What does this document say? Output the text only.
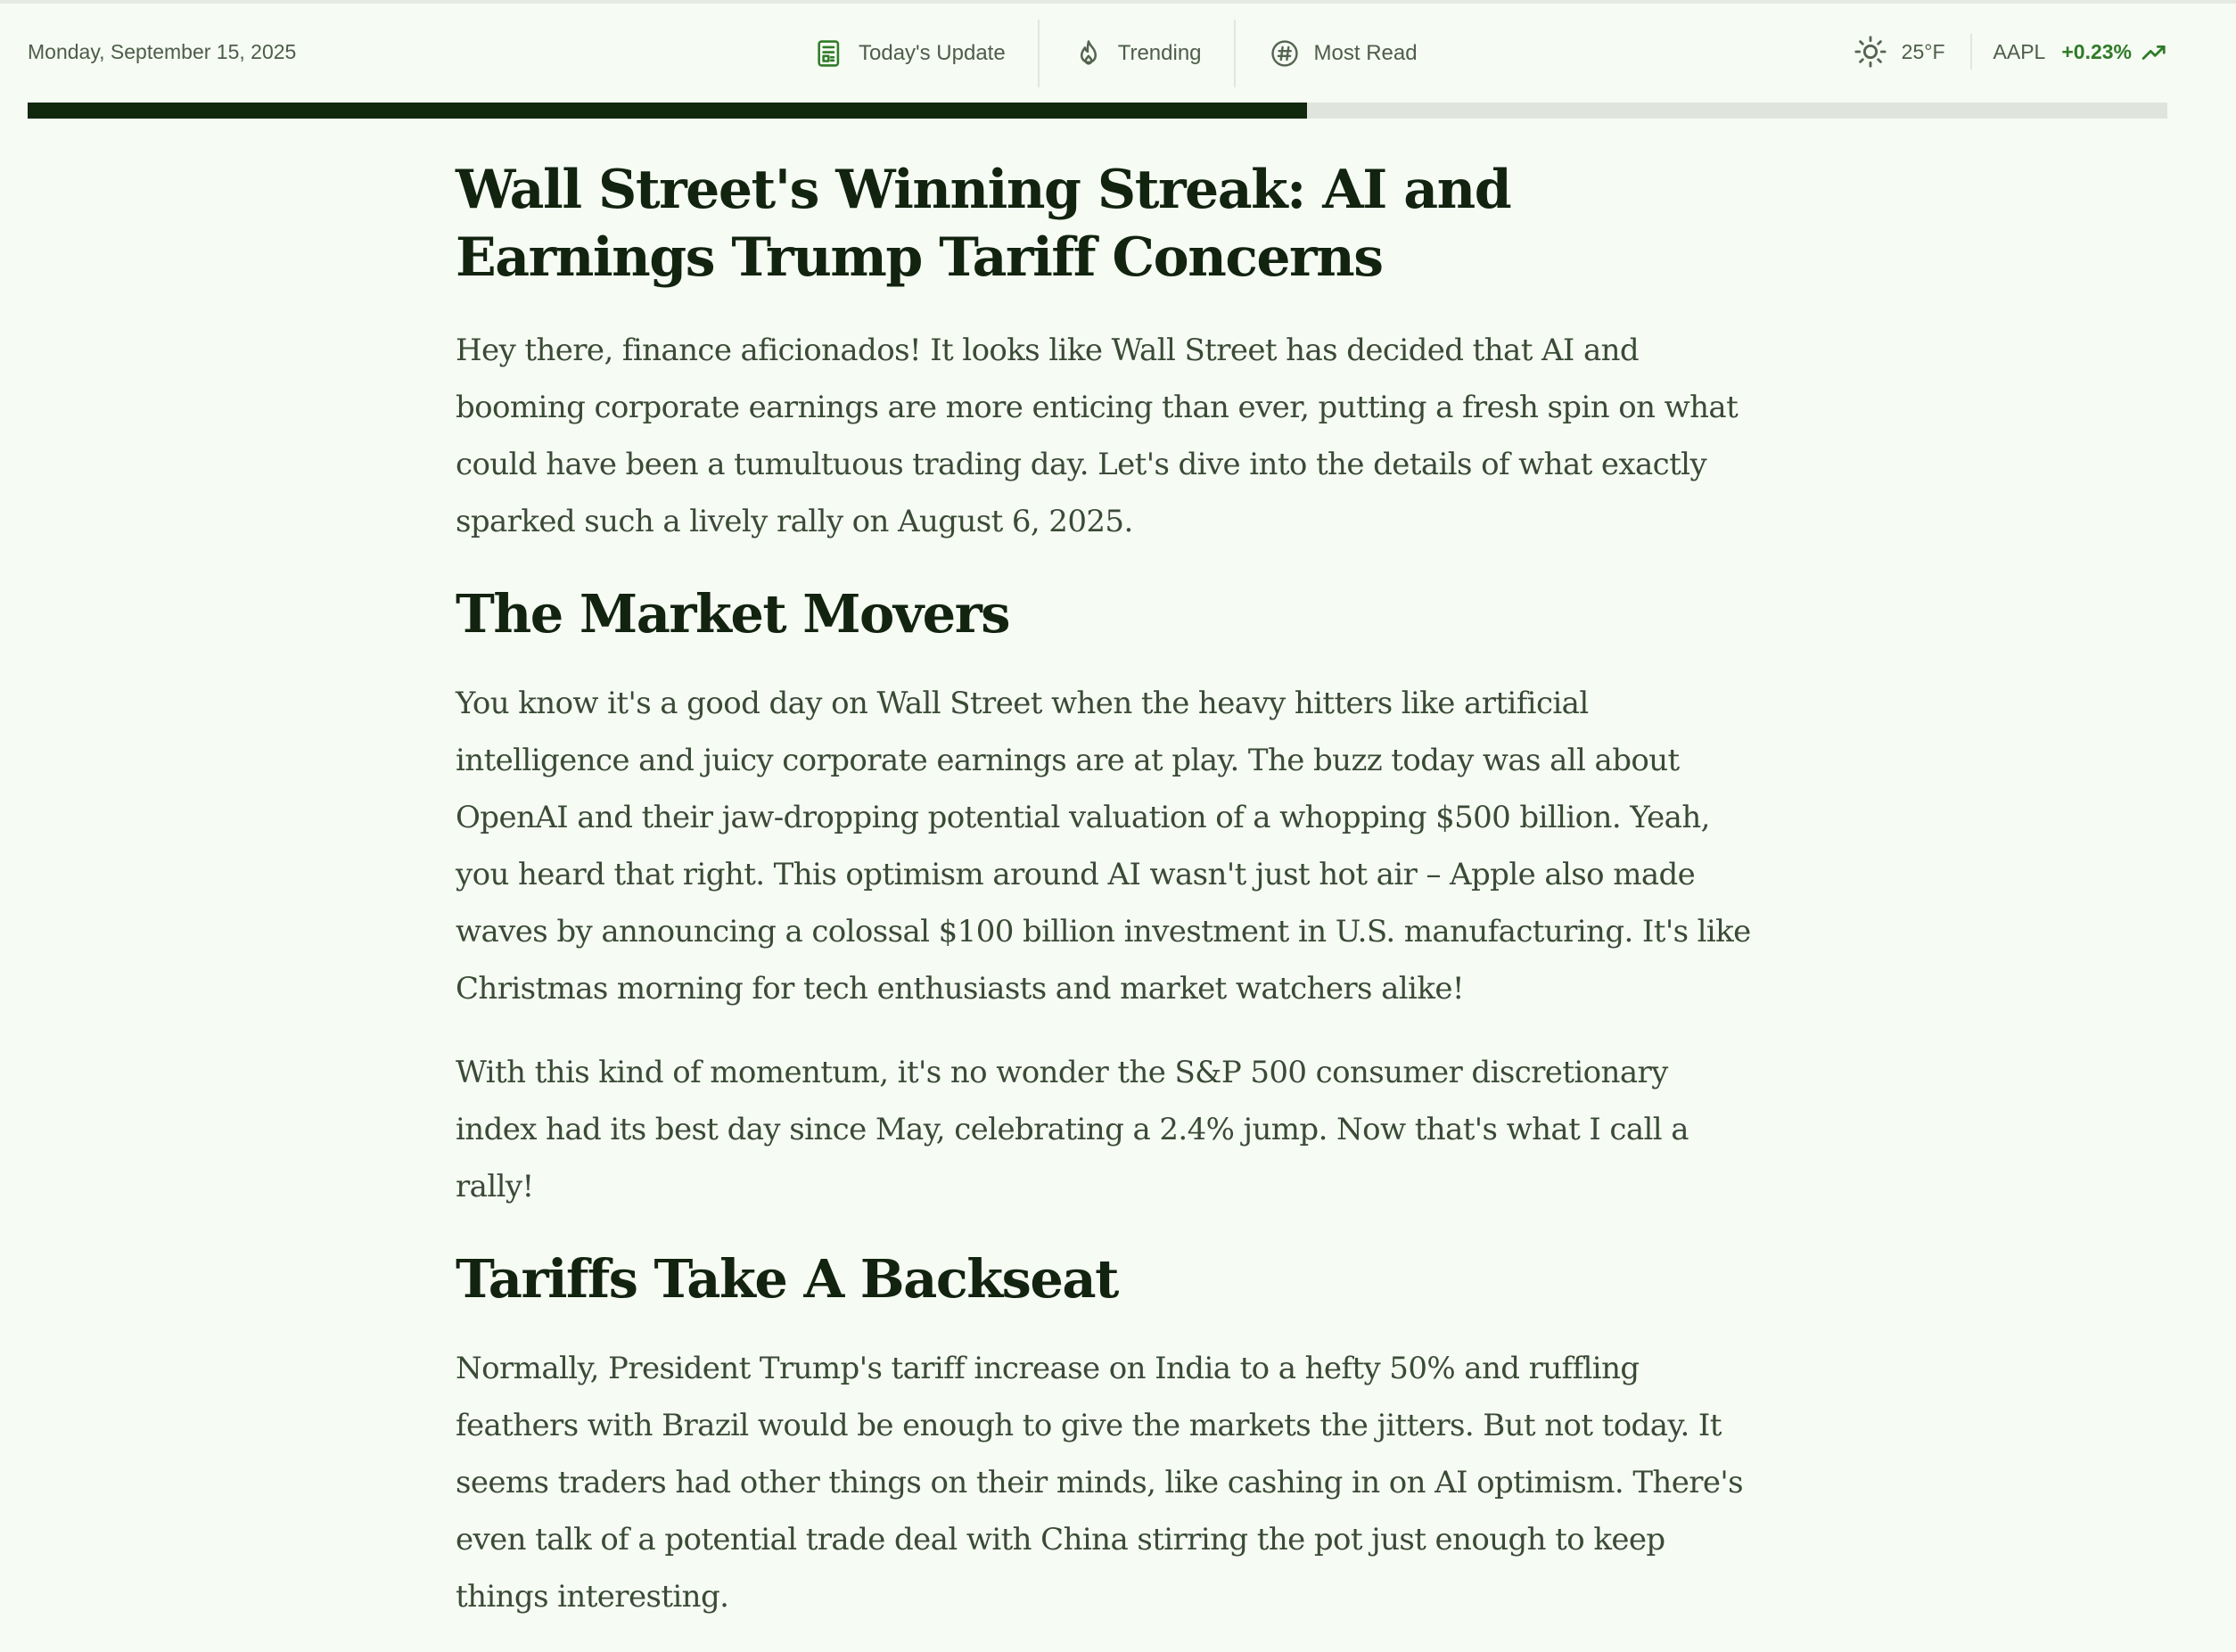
Monday, September 15, 2025	Today's Update	Trending	Most Read	25°F AAPL +0.23%
Wall Street's Winning Streak: AI and Earnings Trump Tariff Concerns

Hey there, finance aficionados! It looks like Wall Street has decided that AI and booming corporate earnings are more enticing than ever, putting a fresh spin on what could have been a tumultuous trading day. Let's dive into the details of what exactly sparked such a lively rally on August 6, 2025.

The Market Movers

You know it's a good day on Wall Street when the heavy hitters like artificial intelligence and juicy corporate earnings are at play. The buzz today was all about OpenAI and their jaw-dropping potential valuation of a whopping $500 billion. Yeah, you heard that right. This optimism around AI wasn't just hot air – Apple also made waves by announcing a colossal $100 billion investment in U.S. manufacturing. It's like Christmas morning for tech enthusiasts and market watchers alike!

With this kind of momentum, it's no wonder the S&P 500 consumer discretionary index had its best day since May, celebrating a 2.4% jump. Now that's what I call a rally!

Tariffs Take A Backseat

Normally, President Trump's tariff increase on India to a hefty 50% and ruffling feathers with Brazil would be enough to give the markets the jitters. But not today. It seems traders had other things on their minds, like cashing in on AI optimism. There's even talk of a potential trade deal with China stirring the pot just enough to keep things interesting.
